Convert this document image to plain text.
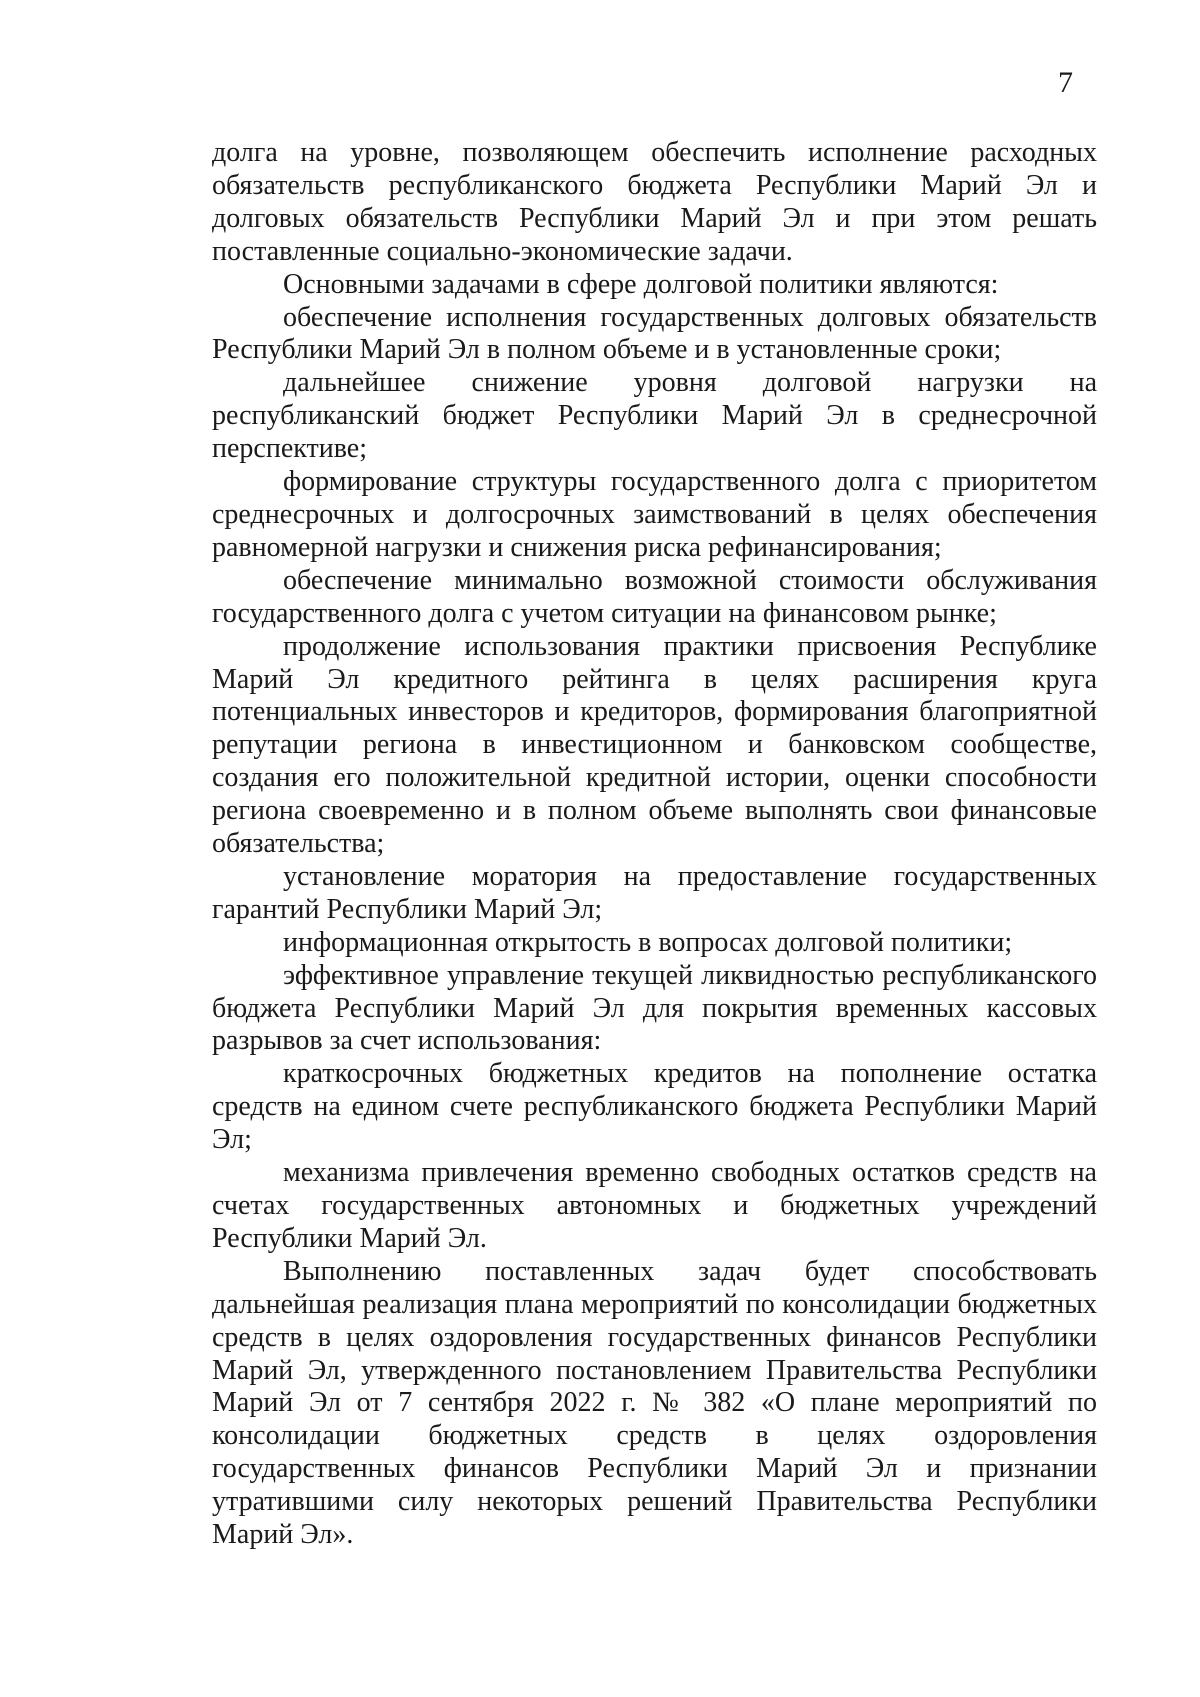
7

долга на уровне, позволяющем обеспечить исполнение расходных обязательств республиканского бюджета Республики Марий Эл и долговых обязательств Республики Марий Эл и при этом решать поставленные социально-экономические задачи.

Основными задачами в сфере долговой политики являются:

обеспечение исполнения государственных долговых обязательств Республики Марий Эл в полном объеме и в установленные сроки;

дальнейшее снижение уровня долговой нагрузки на республиканский бюджет Республики Марий Эл в среднесрочной перспективе;

формирование структуры государственного долга с приоритетом среднесрочных и долгосрочных заимствований в целях обеспечения равномерной нагрузки и снижения риска рефинансирования;

обеспечение минимально возможной стоимости обслуживания государственного долга с учетом ситуации на финансовом рынке;

продолжение использования практики присвоения Республике Марий Эл кредитного рейтинга в целях расширения круга потенциальных инвесторов и кредиторов, формирования благоприятной репутации региона в инвестиционном и банковском сообществе, создания его положительной кредитной истории, оценки способности региона своевременно и в полном объеме выполнять свои финансовые обязательства;

установление моратория на предоставление государственных гарантий Республики Марий Эл;

информационная открытость в вопросах долговой политики;

эффективное управление текущей ликвидностью республиканского бюджета Республики Марий Эл для покрытия временных кассовых разрывов за счет использования:

краткосрочных бюджетных кредитов на пополнение остатка средств на едином счете республиканского бюджета Республики Марий Эл;

механизма привлечения временно свободных остатков средств на счетах государственных автономных и бюджетных учреждений Республики Марий Эл.

Выполнению поставленных задач будет способствовать дальнейшая реализация плана мероприятий по консолидации бюджетных средств в целях оздоровления государственных финансов Республики Марий Эл, утвержденного постановлением Правительства Республики Марий Эл от 7 сентября 2022 г. № 382 «О плане мероприятий по консолидации бюджетных средств в целях оздоровления государственных финансов Республики Марий Эл и признании утратившими силу некоторых решений Правительства Республики Марий Эл».
